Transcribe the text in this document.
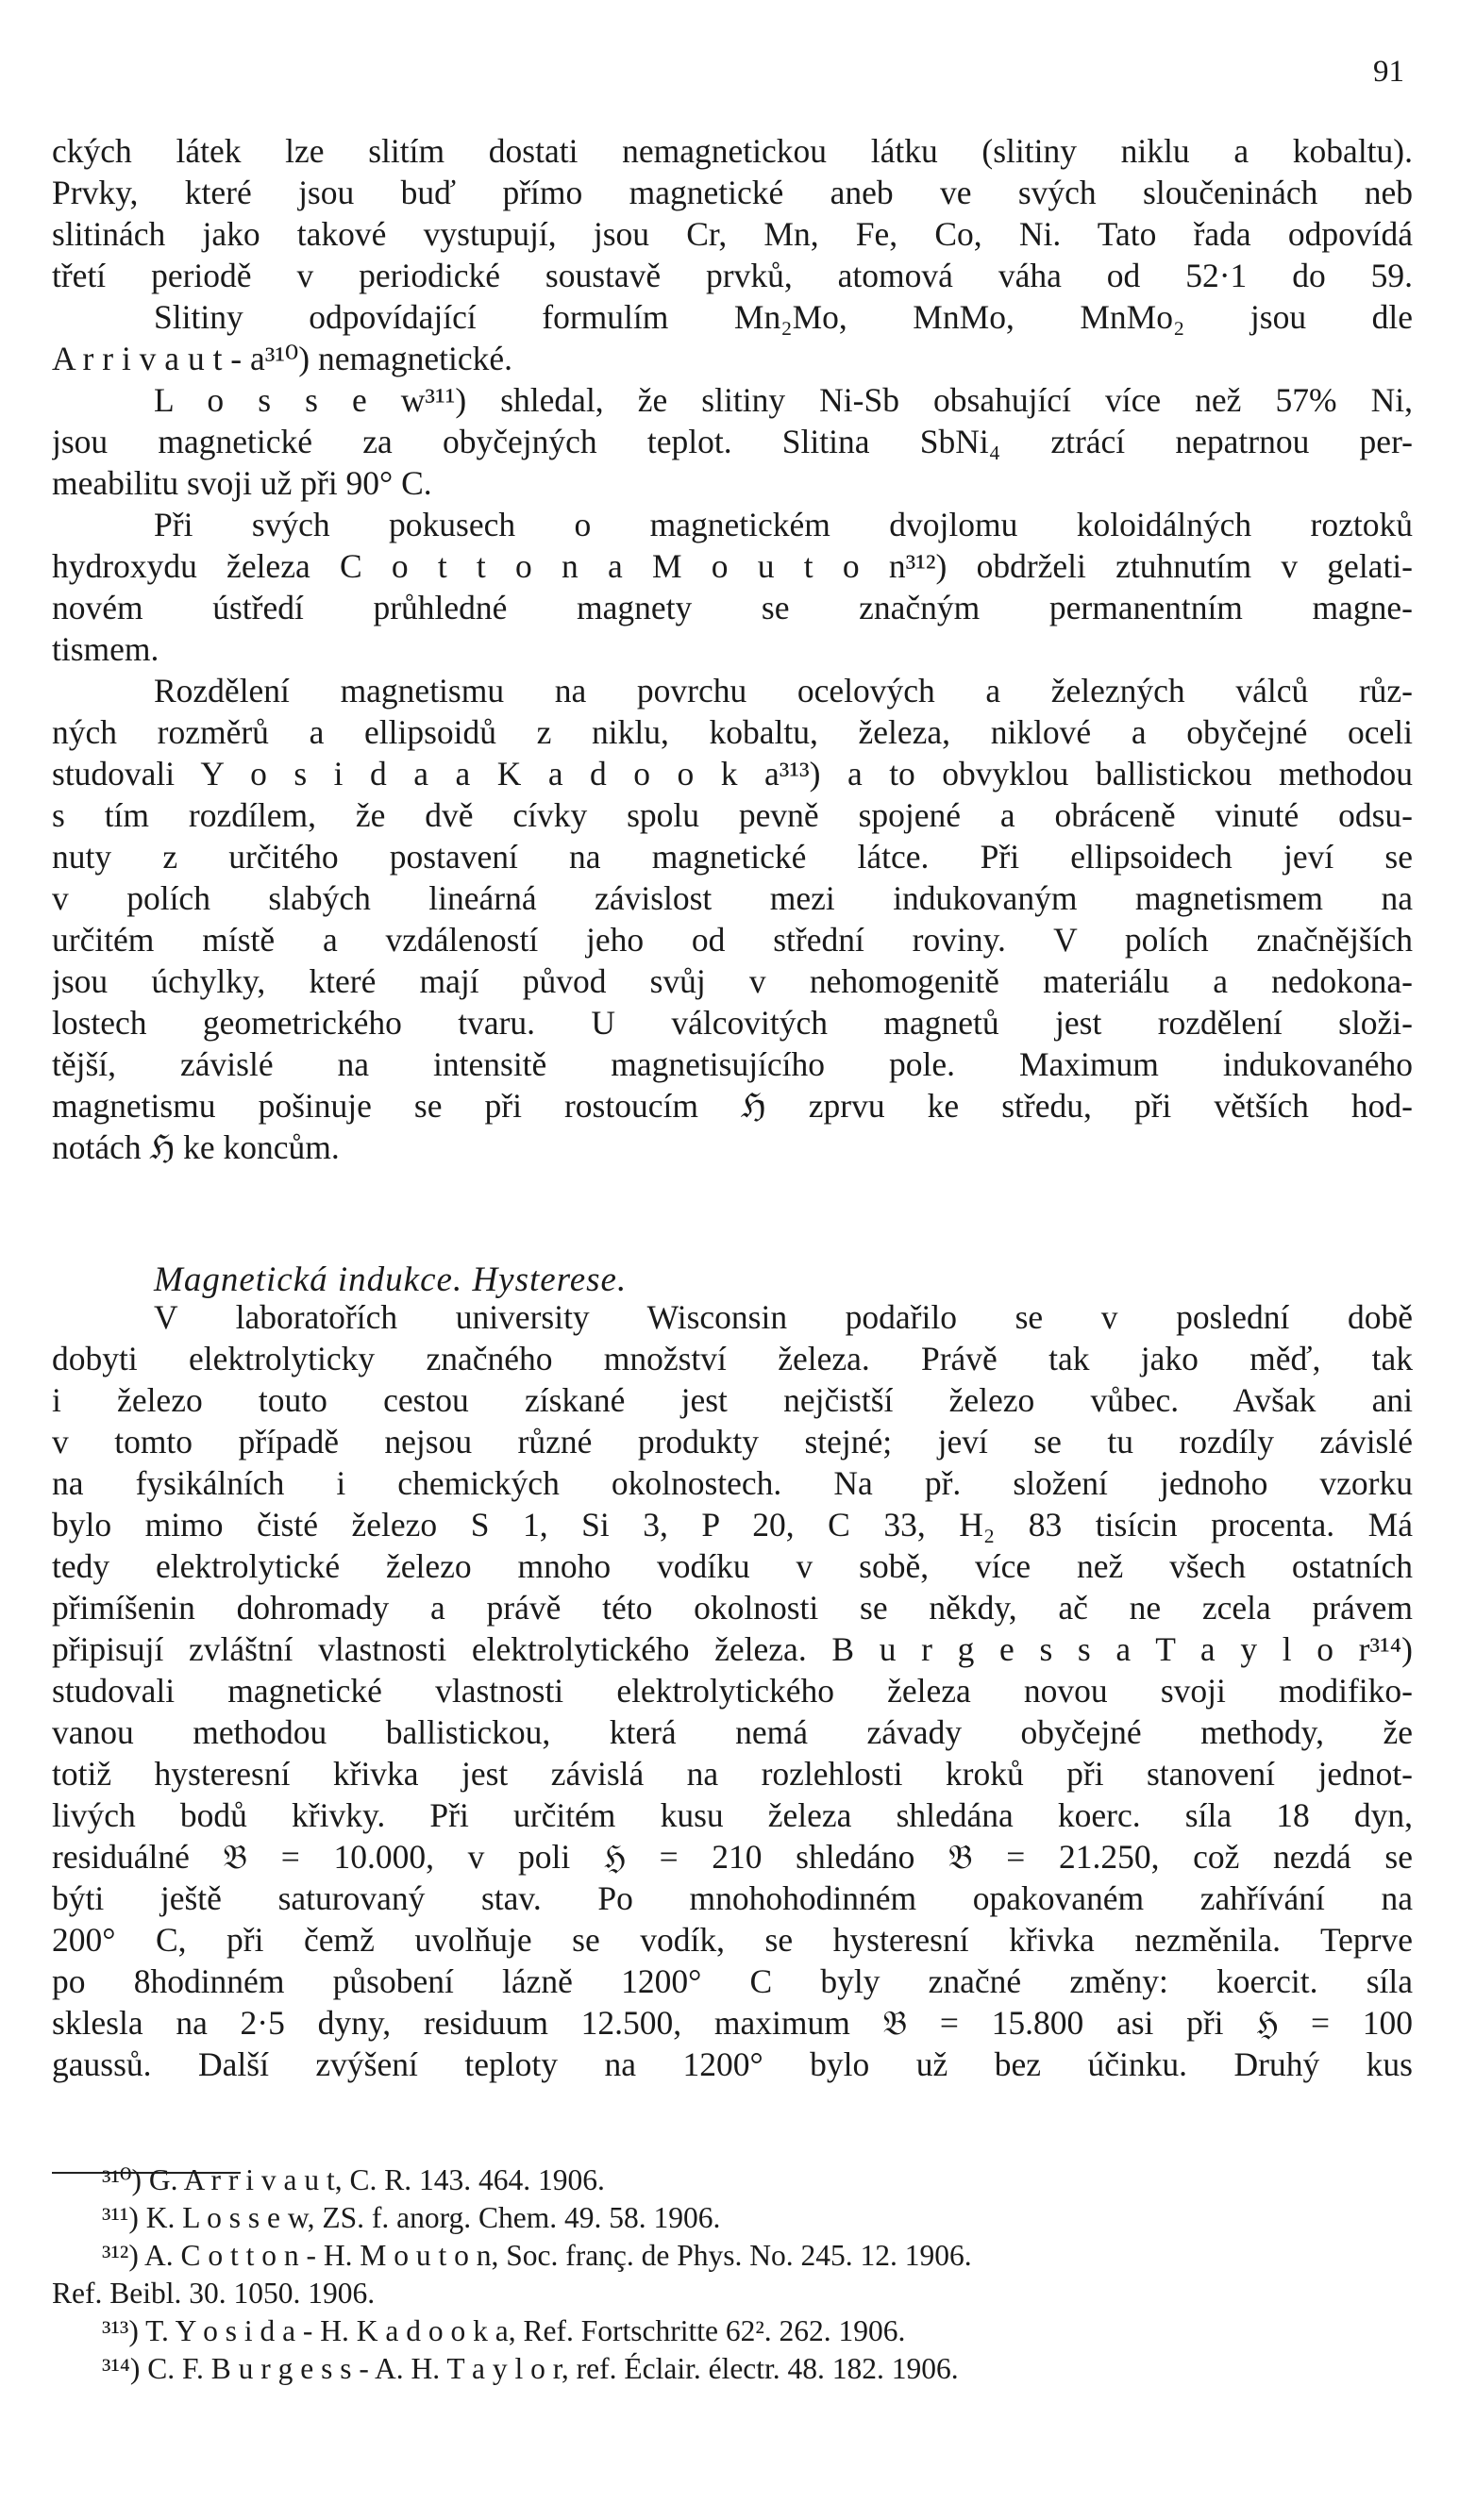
91
ckých látek lze slitím dostati nemagnetickou látku (slitiny niklu a kobaltu).
Prvky, které jsou buď přímo magnetické aneb ve svých sloučeninách neb
slitinách jako takové vystupují, jsou Cr, Mn, Fe, Co, Ni. Tato řada odpovídá
třetí periodě v periodické soustavě prvků, atomová váha od 52·1 do 59.
Slitiny odpovídající formulím Mn₂Mo, MnMo, MnMo₂ jsou dle
A r r i v a u t - a³¹⁰) nemagnetické.
L o s s e w³¹¹) shledal, že slitiny Ni-Sb obsahující více než 57% Ni,
jsou magnetické za obyčejných teplot. Slitina SbNi₄ ztrácí nepatrnou per-
meabilitu svoji už při 90° C.
Při svých pokusech o magnetickém dvojlomu koloidálných roztoků
hydroxydu železa C o t t o n a M o u t o n³¹²) obdrželi ztuhnutím v gelati-
novém ústředí průhledné magnety se značným permanentním magne-
tismem.
Rozdělení magnetismu na povrchu ocelových a železných válců růz-
ných rozměrů a ellipsoidů z niklu, kobaltu, železa, niklové a obyčejné oceli
studovali Y o s i d a a K a d o o k a³¹³) a to obvyklou ballistickou methodou
s tím rozdílem, že dvě cívky spolu pevně spojené a obráceně vinuté odsu-
nuty z určitého postavení na magnetické látce. Při ellipsoidech jeví se
v polích slabých lineárná závislost mezi indukovaným magnetismem na
určitém místě a vzdáleností jeho od střední roviny. V polích značnějších
jsou úchylky, které mají původ svůj v nehomogenitě materiálu a nedokona-
lostech geometrického tvaru. U válcovitých magnetů jest rozdělení složi-
tější, závislé na intensitě magnetisujícího pole. Maximum indukovaného
magnetismu pošinuje se při rostoucím ℌ zprvu ke středu, při větších hod-
notách ℌ ke koncům.
V laboratořích university Wisconsin podařilo se v poslední době
dobyti elektrolyticky značného množství železa. Právě tak jako měď, tak
i železo touto cestou získané jest nejčistší železo vůbec. Avšak ani
v tomto případě nejsou různé produkty stejné; jeví se tu rozdíly závislé
na fysikálních i chemických okolnostech. Na př. složení jednoho vzorku
bylo mimo čisté železo S 1, Si 3, P 20, C 33, H₂ 83 tisícin procenta. Má
tedy elektrolytické železo mnoho vodíku v sobě, více než všech ostatních
přimíšenin dohromady a právě této okolnosti se někdy, ač ne zcela právem
připisují zvláštní vlastnosti elektrolytického železa. B u r g e s s a T a y l o r³¹⁴)
studovali magnetické vlastnosti elektrolytického železa novou svoji modifiko-
vanou methodou ballistickou, která nemá závady obyčejné methody, že
totiž hysteresní křivka jest závislá na rozlehlosti kroků při stanovení jednot-
livých bodů křivky. Při určitém kusu železa shledána koerc. síla 18 dyn,
residuálné 𝔅 = 10.000, v poli ℌ = 210 shledáno 𝔅 = 21.250, což nezdá se
býti ještě saturovaný stav. Po mnohohodinném opakovaném zahřívání na
200° C, při čemž uvolňuje se vodík, se hysteresní křivka nezměnila. Teprve
po 8hodinném působení lázně 1200° C byly značné změny: koercit. síla
sklesla na 2·5 dyny, residuum 12.500, maximum 𝔅 = 15.800 asi při ℌ = 100
gaussů. Další zvýšení teploty na 1200° bylo už bez účinku. Druhý kus
Magnetická indukce. Hysterese.
³¹⁰) G. A r r i v a u t, C. R. 143. 464. 1906.
³¹¹) K. L o s s e w, ZS. f. anorg. Chem. 49. 58. 1906.
³¹²) A. C o t t o n - H. M o u t o n, Soc. franç. de Phys. No. 245. 12. 1906.
Ref. Beibl. 30. 1050. 1906.
³¹³) T. Y o s i d a - H. K a d o o k a, Ref. Fortschritte 62². 262. 1906.
³¹⁴) C. F. B u r g e s s - A. H. T a y l o r, ref. Éclair. électr. 48. 182. 1906.
